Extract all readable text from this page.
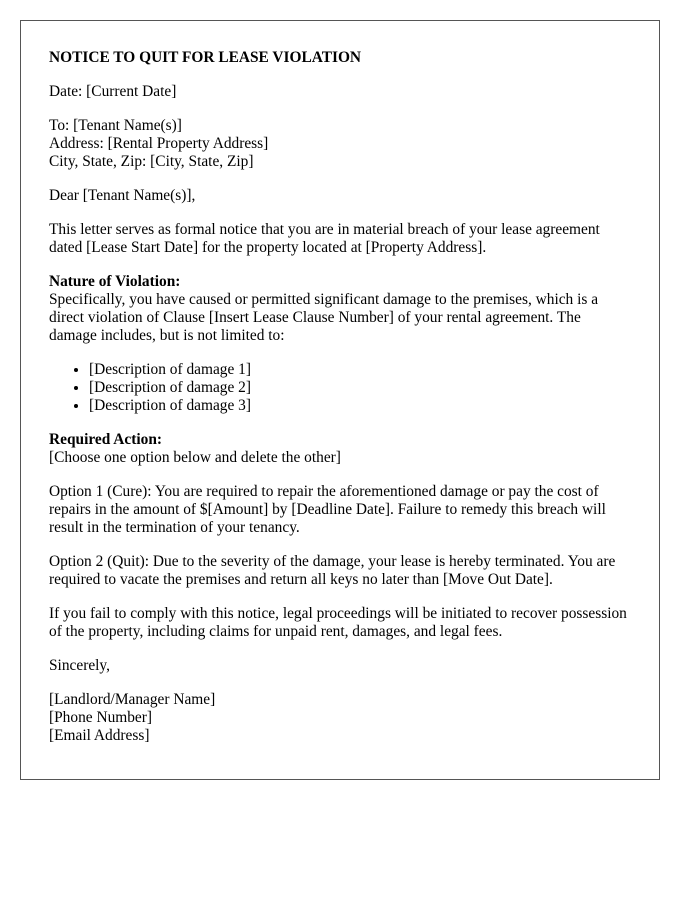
NOTICE TO QUIT FOR LEASE VIOLATION

Date: [Current Date]

To: [Tenant Name(s)]
Address: [Rental Property Address]
City, State, Zip: [City, State, Zip]

Dear [Tenant Name(s)],

This letter serves as formal notice that you are in material breach of your lease agreement dated [Lease Start Date] for the property located at [Property Address].

Nature of Violation:
Specifically, you have caused or permitted significant damage to the premises, which is a direct violation of Clause [Insert Lease Clause Number] of your rental agreement. The damage includes, but is not limited to:
• [Description of damage 1]
• [Description of damage 2]
• [Description of damage 3]

Required Action:
[Choose one option below and delete the other]

Option 1 (Cure): You are required to repair the aforementioned damage or pay the cost of repairs in the amount of $[Amount] by [Deadline Date]. Failure to remedy this breach will result in the termination of your tenancy.

Option 2 (Quit): Due to the severity of the damage, your lease is hereby terminated. You are required to vacate the premises and return all keys no later than [Move Out Date].

If you fail to comply with this notice, legal proceedings will be initiated to recover possession of the property, including claims for unpaid rent, damages, and legal fees.

Sincerely,

[Landlord/Manager Name]
[Phone Number]
[Email Address]
